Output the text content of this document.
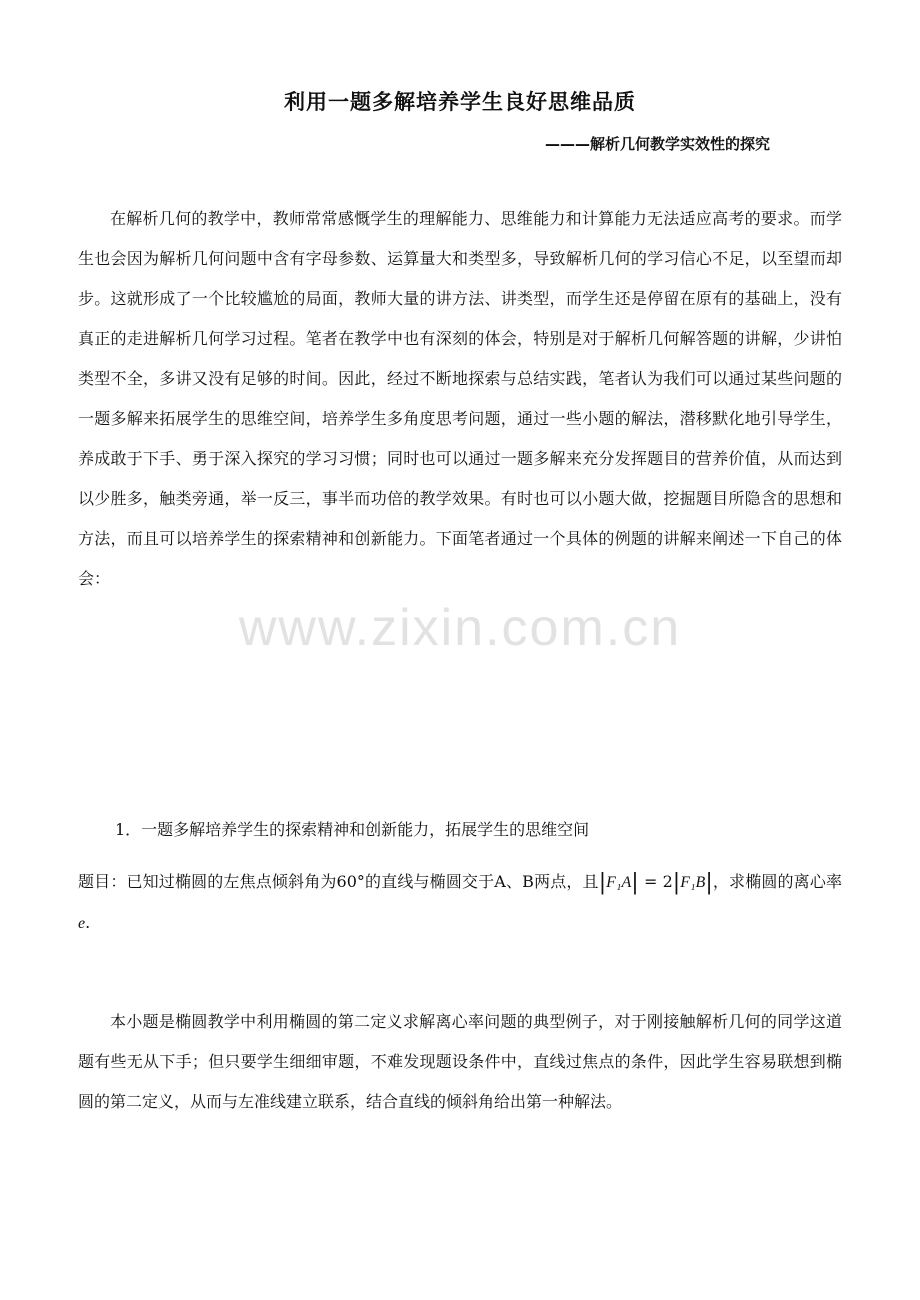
www.zixin.com.cn
利用一题多解培养学生良好思维品质
———解析几何教学实效性的探究
在解析几何的教学中，教师常常感慨学生的理解能力、思维能力和计算能力无法适应高考的要求。而学生也会因为解析几何问题中含有字母参数、运算量大和类型多，导致解析几何的学习信心不足，以至望而却步。这就形成了一个比较尴尬的局面，教师大量的讲方法、讲类型，而学生还是停留在原有的基础上，没有真正的走进解析几何学习过程。笔者在教学中也有深刻的体会，特别是对于解析几何解答题的讲解，少讲怕类型不全，多讲又没有足够的时间。因此，经过不断地探索与总结实践，笔者认为我们可以通过某些问题的一题多解来拓展学生的思维空间，培养学生多角度思考问题，通过一些小题的解法，潜移默化地引导学生，养成敢于下手、勇于深入探究的学习习惯；同时也可以通过一题多解来充分发挥题目的营养价值，从而达到以少胜多，触类旁通，举一反三，事半而功倍的教学效果。有时也可以小题大做，挖掘题目所隐含的思想和方法，而且可以培养学生的探索精神和创新能力。下面笔者通过一个具体的例题的讲解来阐述一下自己的体会：
1．一题多解培养学生的探索精神和创新能力，拓展学生的思维空间
题目：已知过椭圆的左焦点倾斜角为60°的直线与椭圆交于A、B两点，且|F₁A| = 2|F₁B|，求椭圆的离心率e.
本小题是椭圆教学中利用椭圆的第二定义求解离心率问题的典型例子，对于刚接触解析几何的同学这道题有些无从下手；但只要学生细细审题，不难发现题设条件中，直线过焦点的条件，因此学生容易联想到椭圆的第二定义，从而与左准线建立联系，结合直线的倾斜角给出第一种解法。
